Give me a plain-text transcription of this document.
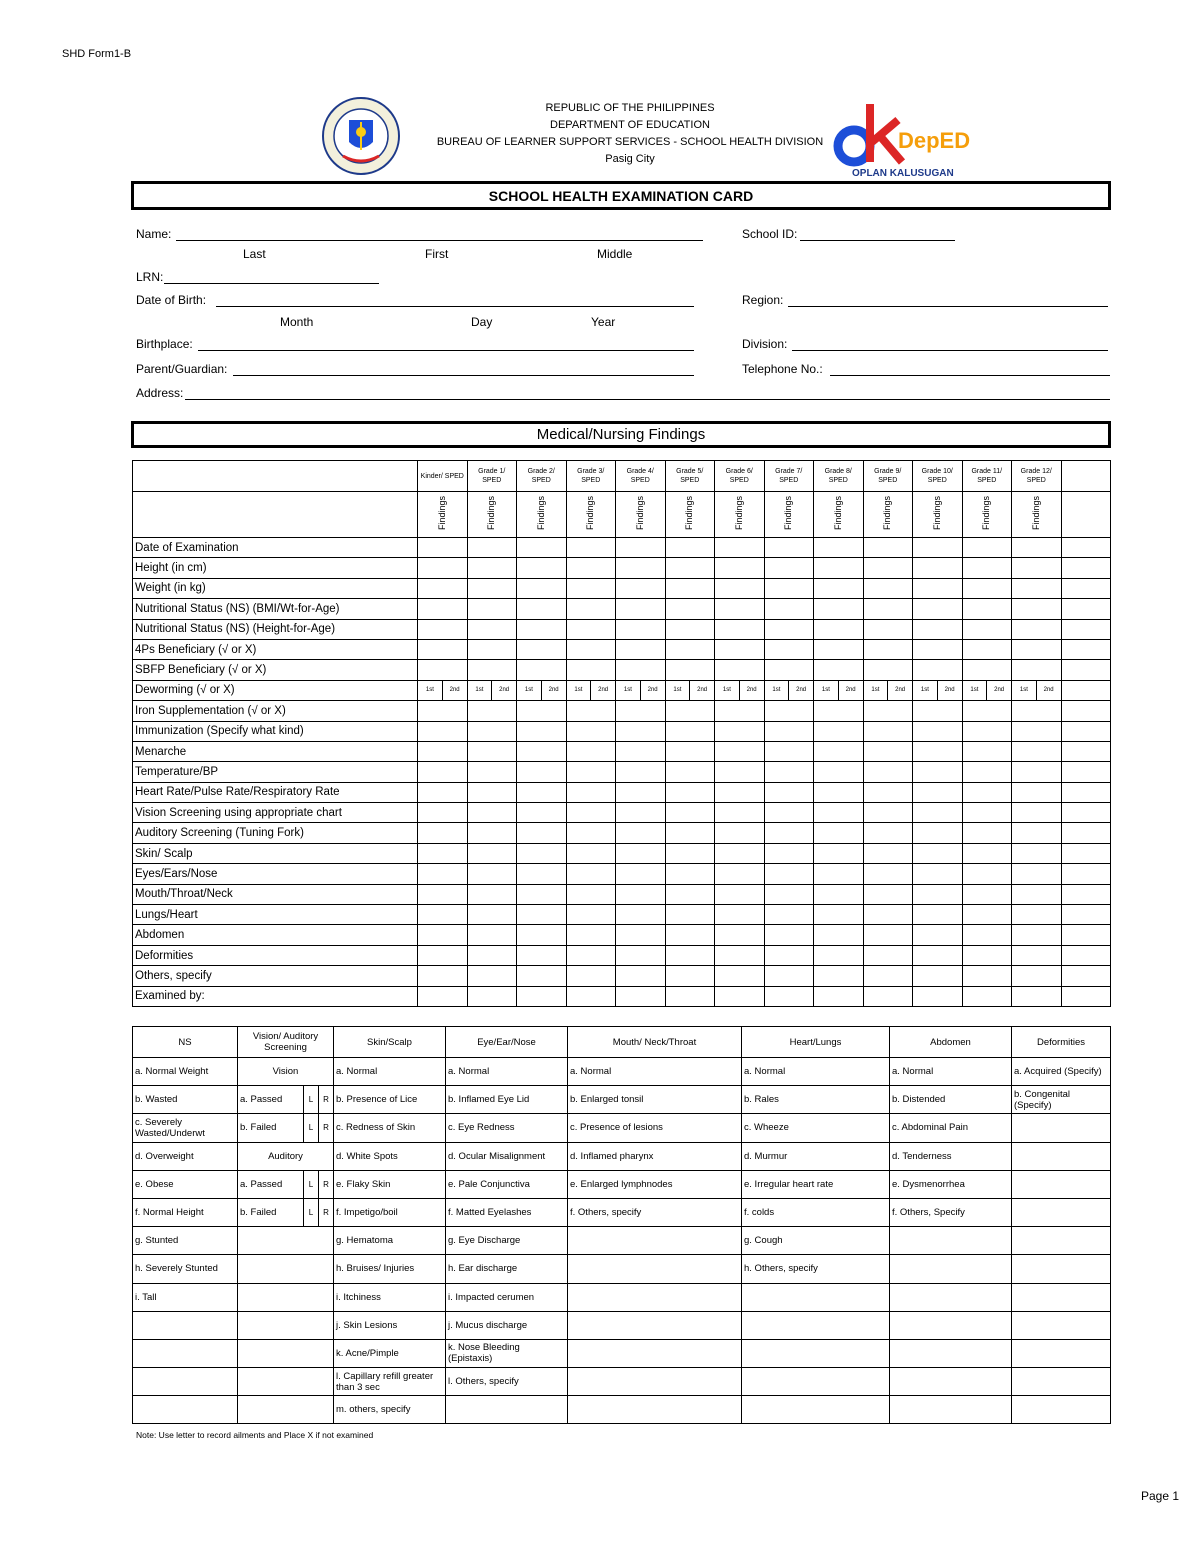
SHD Form1-B
REPUBLIC OF THE PHILIPPINES
DEPARTMENT OF EDUCATION
BUREAU OF LEARNER SUPPORT SERVICES - SCHOOL HEALTH DIVISION
Pasig City
DepED
OPLAN KALUSUGAN
SCHOOL HEALTH EXAMINATION CARD
Name:	School ID:
Last	First	Middle
LRN:
Date of Birth:	Region:
Month	Day	Year
Birthplace:	Division:
Parent/Guardian:	Telephone No.:
Address:
Medical/Nursing Findings
	Kinder/ SPED	Grade 1/ SPED	Grade 2/ SPED	Grade 3/ SPED	Grade 4/ SPED	Grade 5/ SPED	Grade 6/ SPED	Grade 7/ SPED	Grade 8/ SPED	Grade 9/ SPED	Grade 10/ SPED	Grade 11/ SPED	Grade 12/ SPED	
	Findings	Findings	Findings	Findings	Findings	Findings	Findings	Findings	Findings	Findings	Findings	Findings	Findings	
Date of Examination														
Height (in cm)														
Weight (in kg)														
Nutritional Status (NS) (BMI/Wt-for-Age)														
Nutritional Status (NS) (Height-for-Age)														
4Ps Beneficiary (√ or X)														
SBFP Beneficiary (√ or X)														
Deworming (√ or X)	1st 2nd	1st 2nd	1st 2nd	1st 2nd	1st 2nd	1st 2nd	1st 2nd	1st 2nd	1st 2nd	1st 2nd	1st 2nd	1st 2nd	1st 2nd	

Iron Supplementation (√ or X)														
Immunization (Specify what kind)														
Menarche														
Temperature/BP														
Heart Rate/Pulse Rate/Respiratory Rate														
Vision Screening using appropriate chart														
Auditory Screening (Tuning Fork)														
Skin/ Scalp														
Eyes/Ears/Nose														
Mouth/Throat/Neck														
Lungs/Heart														
Abdomen														
Deformities														
Others, specify														
Examined by:														
NS	Vision/ Auditory Screening			Skin/Scalp	Eye/Ear/Nose	Mouth/ Neck/Throat	Heart/Lungs	Abdomen	Deformities
a. Normal Weight	Vision			a. Normal	a. Normal	a. Normal	a. Normal	a. Normal	a. Acquired (Specify)
b. Wasted	a. Passed	L	R	b. Presence of Lice	b. Inflamed Eye Lid	b. Enlarged tonsil	b. Rales	b. Distended	b. Congenital (Specify)
c. Severely Wasted/Underwt	b. Failed	L	R	c. Redness of Skin	c. Eye Redness	c. Presence of lesions	c. Wheeze	c. Abdominal Pain	
d. Overweight	Auditory			d. White Spots	d. Ocular Misalignment	d. Inflamed pharynx	d. Murmur	d. Tenderness	
e. Obese	a. Passed	L	R	e. Flaky Skin	e. Pale Conjunctiva	e. Enlarged lymphnodes	e. Irregular heart rate	e. Dysmenorrhea	
f. Normal Height	b. Failed	L	R	f. Impetigo/boil	f. Matted Eyelashes	f. Others, specify	f. colds	f. Others, Specify	
g. Stunted				g. Hematoma	g. Eye Discharge		g. Cough		
h. Severely Stunted				h. Bruises/ Injuries	h. Ear discharge		h. Others, specify		
i. Tall				i. Itchiness	i. Impacted cerumen				
				j. Skin Lesions	j. Mucus discharge				
				k. Acne/Pimple	k. Nose Bleeding (Epistaxis)				
				l. Capillary refill greater than 3 sec	l. Others, specify				
				m. others, specify					
Note: Use letter to record ailments and Place X if not examined
Page 1
